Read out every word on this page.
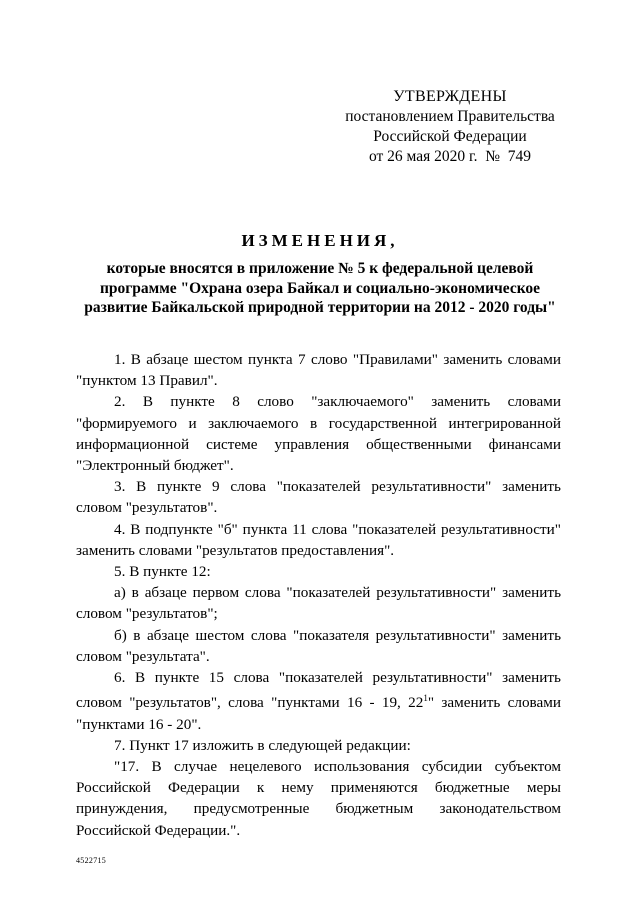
УТВЕРЖДЕНЫ
постановлением Правительства
Российской Федерации
от 26 мая 2020 г.  №  749
ИЗМЕНЕНИЯ,
которые вносятся в приложение № 5 к федеральной целевой
программе "Охрана озера Байкал и социально-экономическое
развитие Байкальской природной территории на 2012 - 2020 годы"

1. В абзаце шестом пункта 7 слово "Правилами" заменить словами "пунктом 13 Правил".

2. В пункте 8 слово "заключаемого" заменить словами "формируемого и заключаемого в государственной интегрированной информационной системе управления общественными финансами "Электронный бюджет".

3. В пункте 9 слова "показателей результативности" заменить словом "результатов".

4. В подпункте "б" пункта 11 слова "показателей результативности" заменить словами "результатов предоставления".

5. В пункте 12:

а) в абзаце первом слова "показателей результативности" заменить словом "результатов";

б) в абзаце шестом слова "показателя результативности" заменить словом "результата".

6. В пункте 15 слова "показателей результативности" заменить словом "результатов", слова "пунктами 16 - 19, $22^1$" заменить словами "пунктами 16 - 20".

7. Пункт 17 изложить в следующей редакции:

"17. В случае нецелевого использования субсидии субъектом Российской Федерации к нему применяются бюджетные меры принуждения, предусмотренные бюджетным законодательством Российской Федерации.".

4522715
